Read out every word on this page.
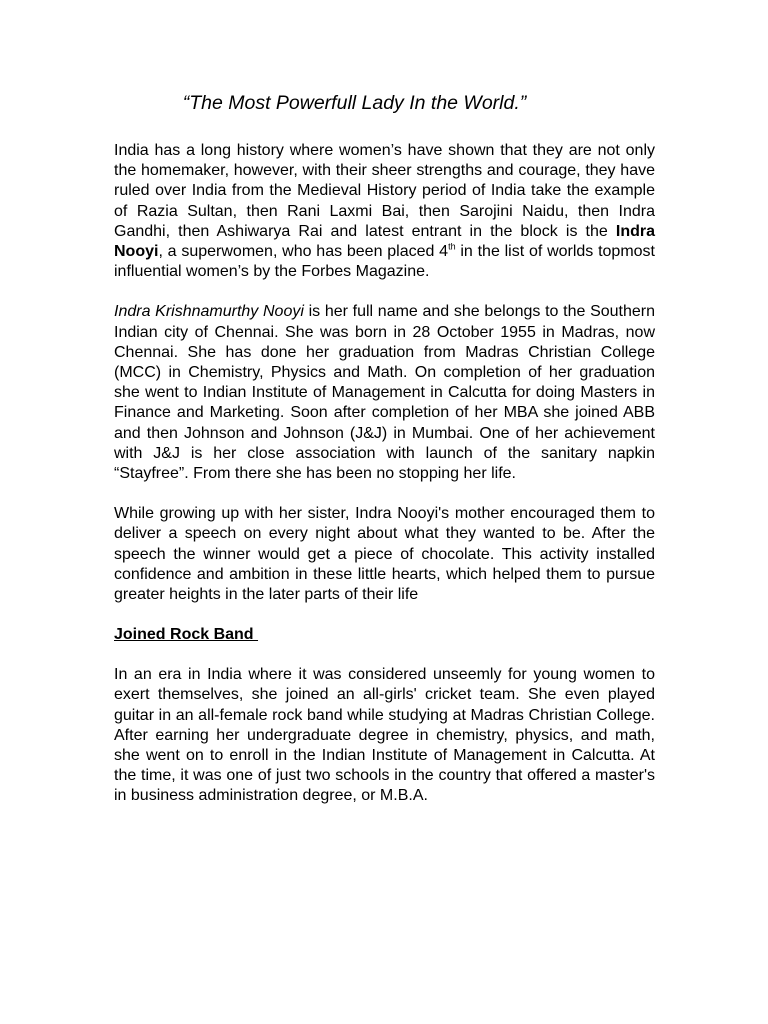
“The Most Powerfull Lady In the World.”

India has a long history where women’s have shown that they are not only the homemaker, however, with their sheer strengths and courage, they have ruled over India from the Medieval History period of India take the example of Razia Sultan, then Rani Laxmi Bai, then Sarojini Naidu, then Indra Gandhi, then Ashiwarya Rai and latest entrant in the block is the Indra Nooyi, a superwomen, who has been placed 4th in the list of worlds topmost influential women’s by the Forbes Magazine.

Indra Krishnamurthy Nooyi is her full name and she belongs to the Southern Indian city of Chennai. She was born in 28 October 1955 in Madras, now Chennai. She has done her graduation from Madras Christian College (MCC) in Chemistry, Physics and Math. On completion of her graduation she went to Indian Institute of Management in Calcutta for doing Masters in Finance and Marketing. Soon after completion of her MBA she joined ABB and then Johnson and Johnson (J&J) in Mumbai. One of her achievement with J&J is her close association with launch of the sanitary napkin “Stayfree”. From there she has been no stopping her life.

While growing up with her sister, Indra Nooyi's mother encouraged them to deliver a speech on every night about what they wanted to be. After the speech the winner would get a piece of chocolate. This activity installed confidence and ambition in these little hearts, which helped them to pursue greater heights in the later parts of their life

Joined Rock Band

In an era in India where it was considered unseemly for young women to exert themselves, she joined an all-girls' cricket team. She even played guitar in an all-female rock band while studying at Madras Christian College. After earning her undergraduate degree in chemistry, physics, and math, she went on to enroll in the Indian Institute of Management in Calcutta. At the time, it was one of just two schools in the country that offered a master's in business administration degree, or M.B.A.
